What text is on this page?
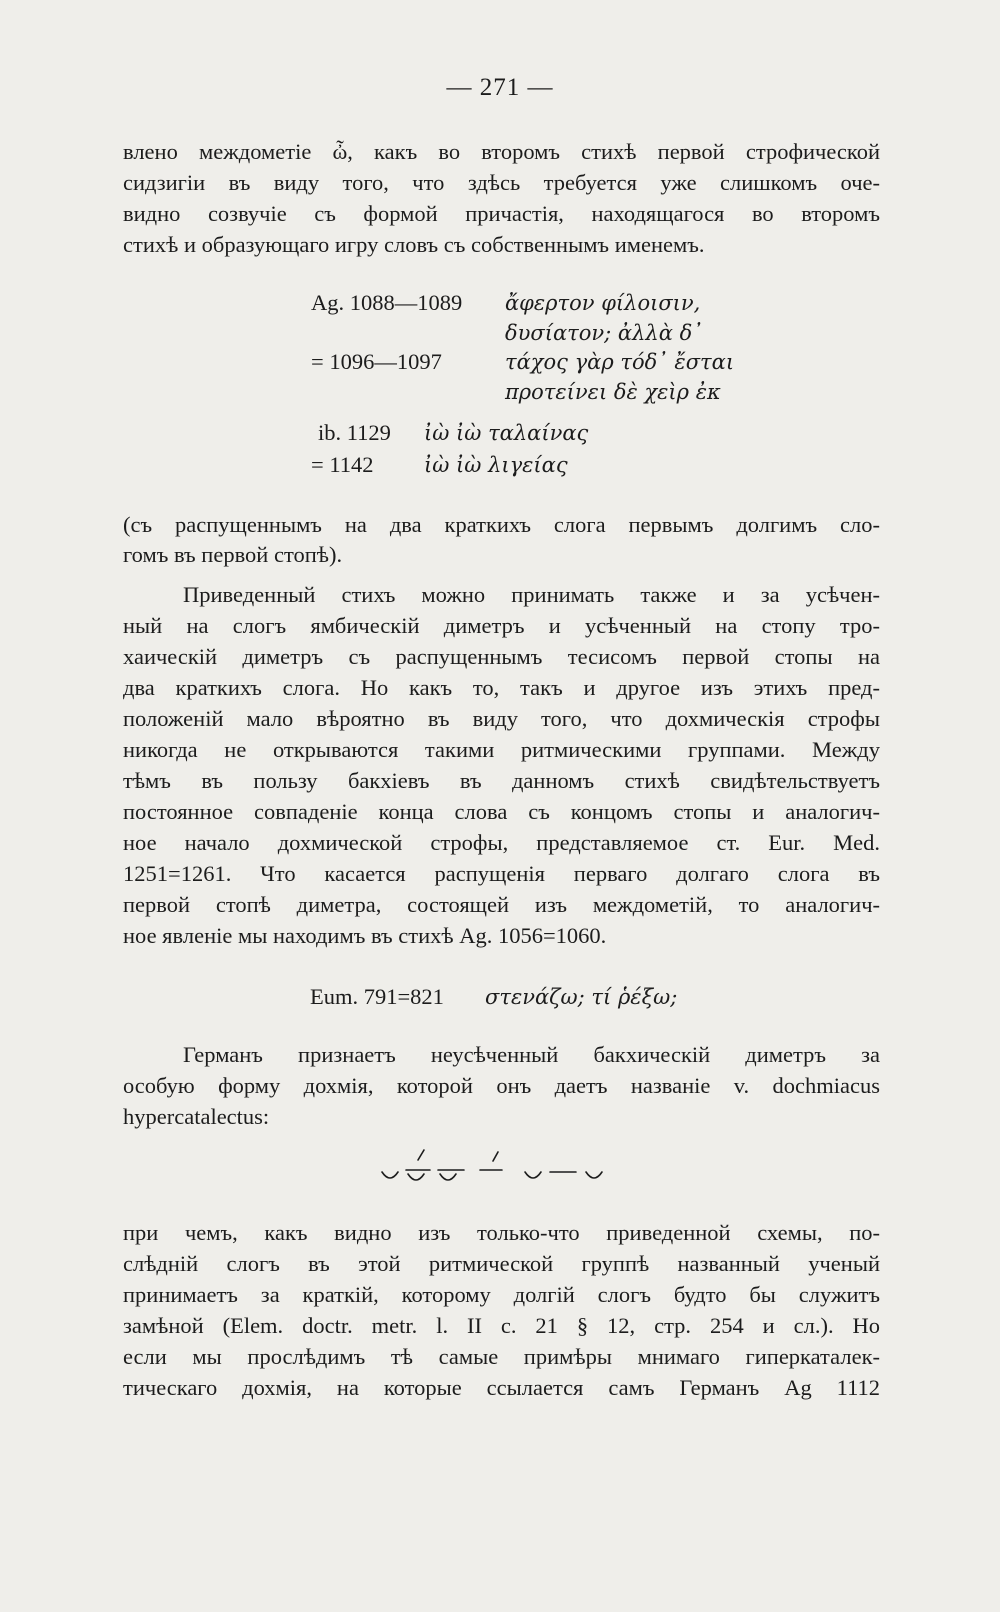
— 271 —
влено междометіе ὦ, какъ во второмъ стихѣ первой строфической
сидзигіи въ виду того, что здѣсь требуется уже слишкомъ оче-
видно созвучіе съ формой причастія, находящагося во второмъ
стихѣ и образующаго игру словъ съ собственнымъ именемъ.
Ag. 1088—1089 ἄφερτον φίλοισιν,
δυσίατον; ἀλλὰ δ᾽
= 1096—1097	τάχος γὰρ τόδ᾽ ἔσται
προτείνει δὲ χεὶρ ἐκ
ib. 1129 ἰὼ ἰὼ ταλαίνας
= 1142 ἰὼ ἰὼ λιγείας
(съ распущеннымъ на два краткихъ слога первымъ долгимъ сло-
гомъ въ первой стопѣ).
Приведенный стихъ можно принимать также и за усѣчен-
ный на слогъ ямбическій диметръ и усѣченный на стопу тро-
хаическій диметръ съ распущеннымъ тесисомъ первой стопы на
два краткихъ слога. Но какъ то, такъ и другое изъ этихъ пред-
положеній мало вѣроятно въ виду того, что дохмическія строфы
никогда не открываются такими ритмическими группами. Между
тѣмъ въ пользу бакхіевъ въ данномъ стихѣ свидѣтельствуетъ
постоянное совпаденіе конца слова съ концомъ стопы и аналогич-
ное начало дохмической строфы, представляемое ст. Eur. Med.
1251=1261. Что касается распущенія перваго долгаго слога въ
первой стопѣ диметра, состоящей изъ междометій, то аналогич-
ное явленіе мы находимъ въ стихѣ Ag. 1056=1060.
Eum. 791=821 στενάζω; τί ῥέξω;
Германъ признаетъ неусѣченный бакхическій диметръ за
особую форму дохмія, которой онъ даетъ названіе v. dochmiacus
hypercatalectus:
при чемъ, какъ видно изъ только-что приведенной схемы, по-
слѣдній слогъ въ этой ритмической группѣ названный ученый
принимаетъ за краткій, которому долгій слогъ будто бы служитъ
замѣной (Elem. doctr. metr. l. II c. 21 § 12, стр. 254 и сл.). Но
если мы прослѣдимъ тѣ самые примѣры мнимаго гиперкаталек-
тическаго дохмія, на которые ссылается самъ Германъ Ag 1112
